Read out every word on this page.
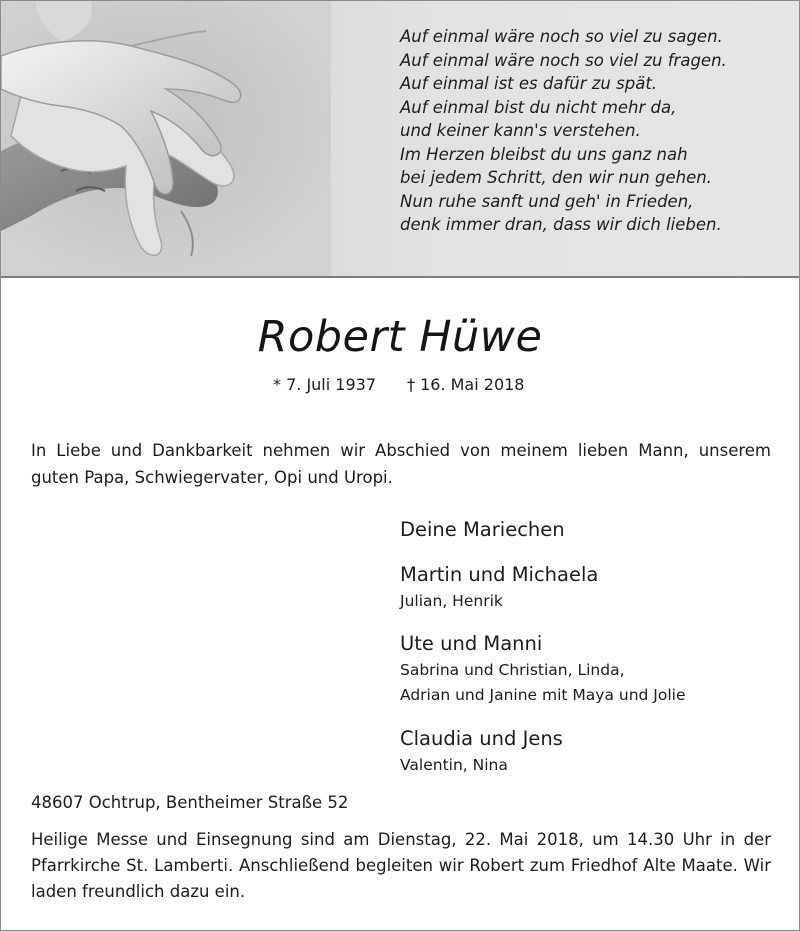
Auf einmal wäre noch so viel zu sagen.
Auf einmal wäre noch so viel zu fragen.
Auf einmal ist es dafür zu spät.
Auf einmal bist du nicht mehr da,
und keiner kann's verstehen.
Im Herzen bleibst du uns ganz nah
bei jedem Schritt, den wir nun gehen.
Nun ruhe sanft und geh' in Frieden,
denk immer dran, dass wir dich lieben.
Robert Hüwe
* 7. Juli 1937 † 16. Mai 2018
In Liebe und Dankbarkeit nehmen wir Abschied von meinem lieben Mann, unserem guten Papa, Schwiegervater, Opi und Uropi.
Deine Mariechen
Martin und Michaela
Julian, Henrik
Ute und Manni
Sabrina und Christian, Linda,
Adrian und Janine mit Maya und Jolie
Claudia und Jens
Valentin, Nina
48607 Ochtrup, Bentheimer Straße 52
Heilige Messe und Einsegnung sind am Dienstag, 22. Mai 2018, um 14.30 Uhr in der Pfarrkirche St. Lamberti. Anschließend begleiten wir Robert zum Friedhof Alte Maate. Wir laden freundlich dazu ein.
